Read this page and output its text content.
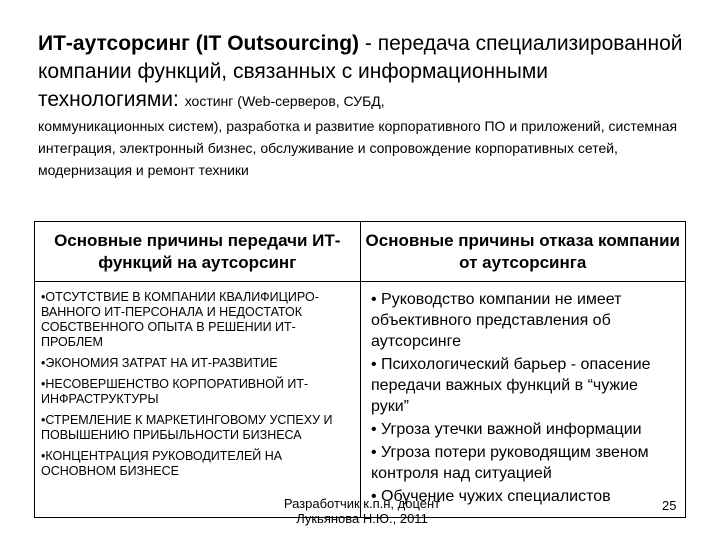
ИТ-аутсорсинг (IT Outsourcing) - передача специализированной компании функций, связанных с информационными технологиями: хостинг (Web-серверов, СУБД,

коммуникационных систем), разработка и развитие корпоративного ПО и приложений, системная интеграция, электронный бизнес, обслуживание и сопровождение корпоративных сетей, модернизация и ремонт техники

Основные причины передачи ИТ-функций на аутсорсинг
Основные причины отказа компании от аутсорсинга

•ОТСУТСТВИЕ В КОМПАНИИ КВАЛИФИЦИРО-ВАННОГО ИТ-ПЕРСОНАЛА И НЕДОСТАТОК СОБСТВЕННОГО ОПЫТА В РЕШЕНИИ ИТ-ПРОБЛЕМ

•ЭКОНОМИЯ ЗАТРАТ НА ИТ-РАЗВИТИЕ

•НЕСОВЕРШЕНСТВО КОРПОРАТИВНОЙ ИТ-ИНФРАСТРУКТУРЫ

•СТРЕМЛЕНИЕ К МАРКЕТИНГОВОМУ УСПЕХУ И ПОВЫШЕНИЮ ПРИБЫЛЬНОСТИ БИЗНЕСА

•КОНЦЕНТРАЦИЯ РУКОВОДИТЕЛЕЙ НА ОСНОВНОМ БИЗНЕСЕ

• Руководство компании не имеет объективного представления об аутсорсинге

• Психологический барьер - опасение передачи важных функций в “чужие руки”

• Угроза утечки важной информации

• Угроза потери руководящим звеном контроля над ситуацией

• Обучение чужих специалистов

Разработчик к.п.н, доцент Лукьянова Н.Ю., 2011
25
